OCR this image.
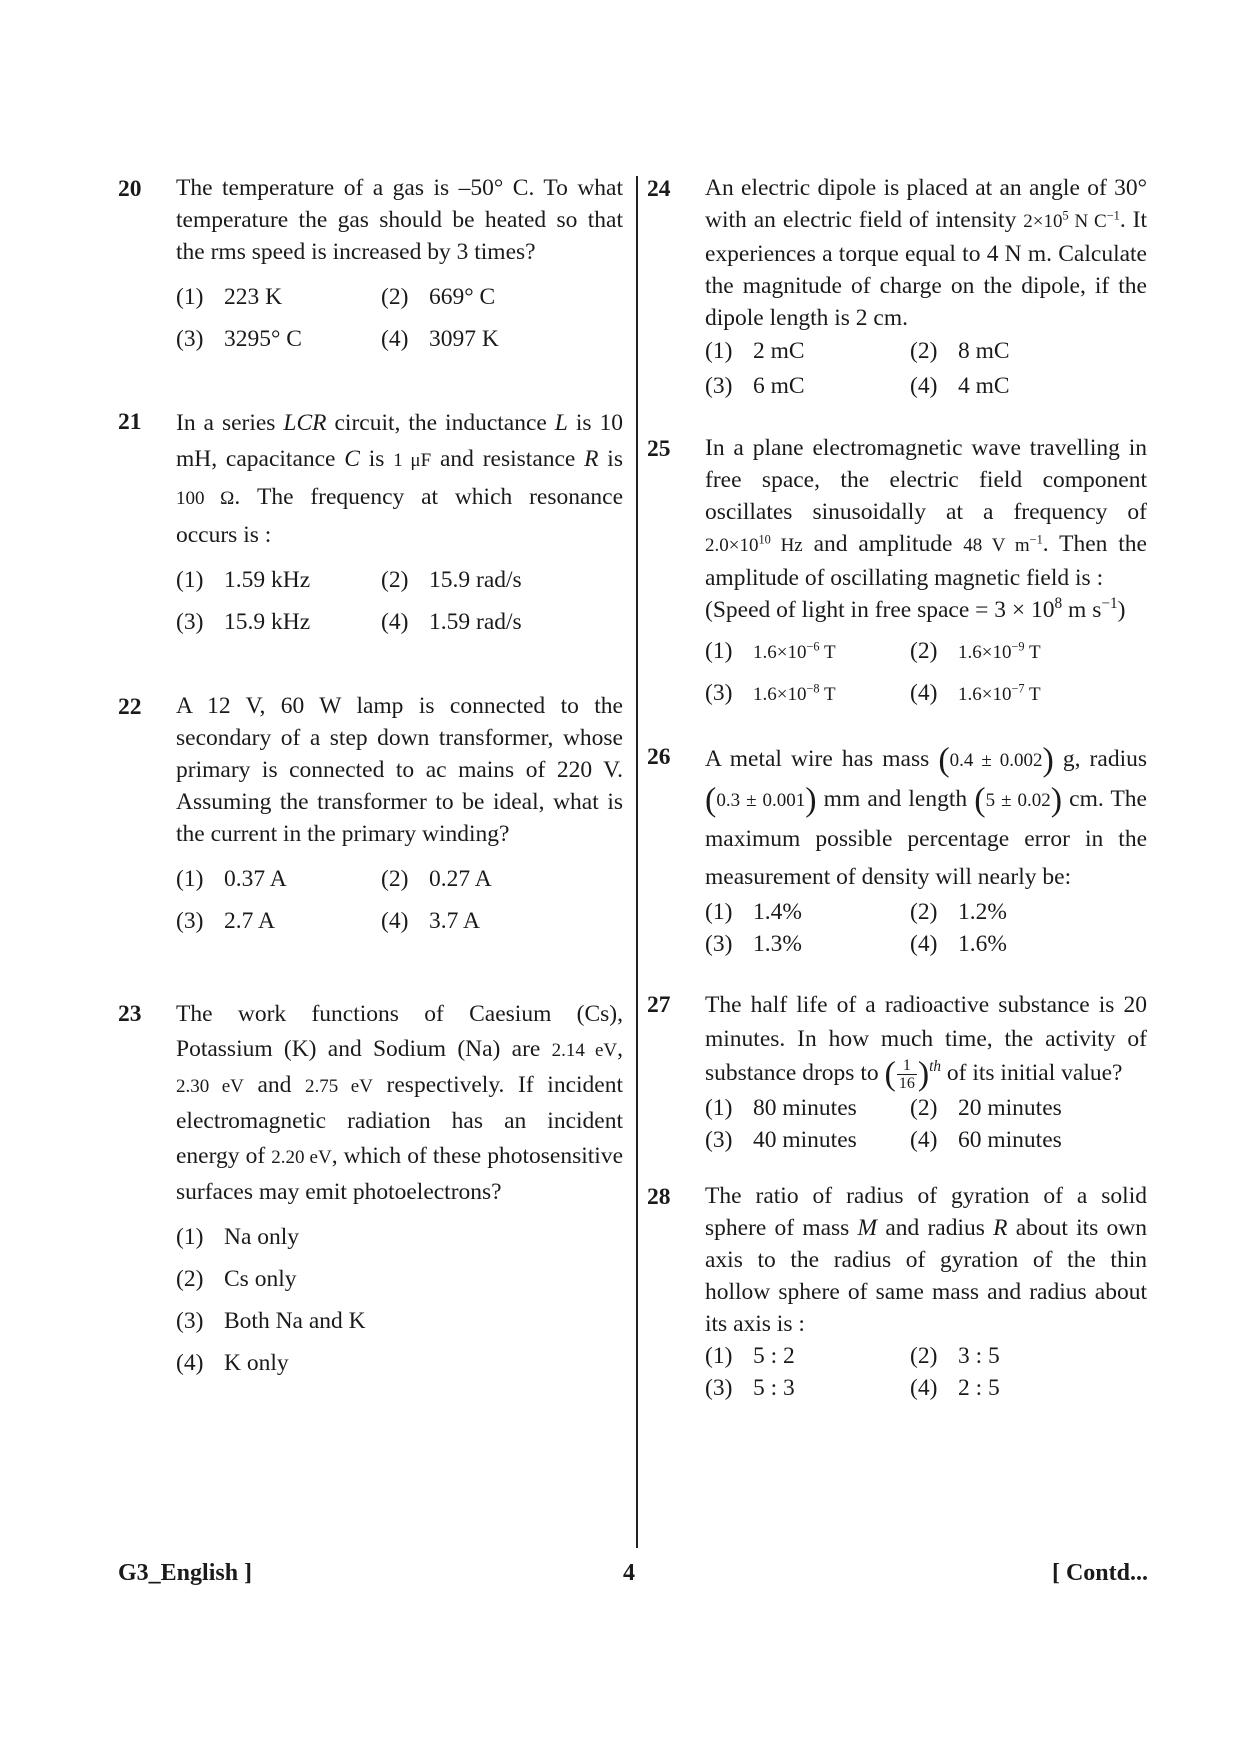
20	The temperature of a gas is –50° C. To what temperature the gas should be heated so that the rms speed is increased by 3 times?
(1) 223 K	(2) 669° C
(3) 3295° C	(4) 3097 K
21	In a series LCR circuit, the inductance L is 10 mH, capacitance C is 1 μF and resistance R is 100 Ω. The frequency at which resonance occurs is :
(1) 1.59 kHz	(2) 15.9 rad/s
(3) 15.9 kHz	(4) 1.59 rad/s
22	A 12 V, 60 W lamp is connected to the secondary of a step down transformer, whose primary is connected to ac mains of 220 V. Assuming the transformer to be ideal, what is the current in the primary winding?
(1) 0.37 A	(2) 0.27 A
(3) 2.7 A	(4) 3.7 A
23	The work functions of Caesium (Cs), Potassium (K) and Sodium (Na) are 2.14 eV, 2.30 eV and 2.75 eV respectively. If incident electromagnetic radiation has an incident energy of 2.20 eV, which of these photosensitive surfaces may emit photoelectrons?
(1) Na only
(2) Cs only
(3) Both Na and K
(4) K only
24	An electric dipole is placed at an angle of 30° with an electric field of intensity $2\times 10^5$ N $C^{-1}$. It experiences a torque equal to 4 N m. Calculate the magnitude of charge on the dipole, if the dipole length is 2 cm.
(1) 2 mC	(2) 8 mC
(3) 6 mC	(4) 4 mC
25	In a plane electromagnetic wave travelling in free space, the electric field component oscillates sinusoidally at a frequency of $2.0\times 10^{10}$ Hz and amplitude 48 V $m^{-1}$. Then the amplitude of oscillating magnetic field is :
(Speed of light in free space = $3 \times 10^8$ m $s^{-1}$)
(1) $1.6\times 10^{-6}$ T	(2) $1.6\times 10^{-9}$ T
(3) $1.6\times 10^{-8}$ T	(4) $1.6\times 10^{-7}$ T
26	A metal wire has mass (0.4 ± 0.002) g, radius (0.3 ± 0.001) mm and length (5 ± 0.02) cm. The maximum possible percentage error in the measurement of density will nearly be:
(1) 1.4%	(2) 1.2%
(3) 1.3%	(4) 1.6%
27	The half life of a radioactive substance is 20 minutes. In how much time, the activity of substance drops to ( $\frac{1}{16} )^{th}$ of its initial value?
(1) 80 minutes	(2) 20 minutes
(3) 40 minutes	(4) 60 minutes
28	The ratio of radius of gyration of a solid sphere of mass M and radius R about its own axis to the radius of gyration of the thin hollow sphere of same mass and radius about its axis is :
(1) 5 : 2	(2) 3 : 5
(3) 5 : 3	(4) 2 : 5
G3_English ]	4	[ Contd...
